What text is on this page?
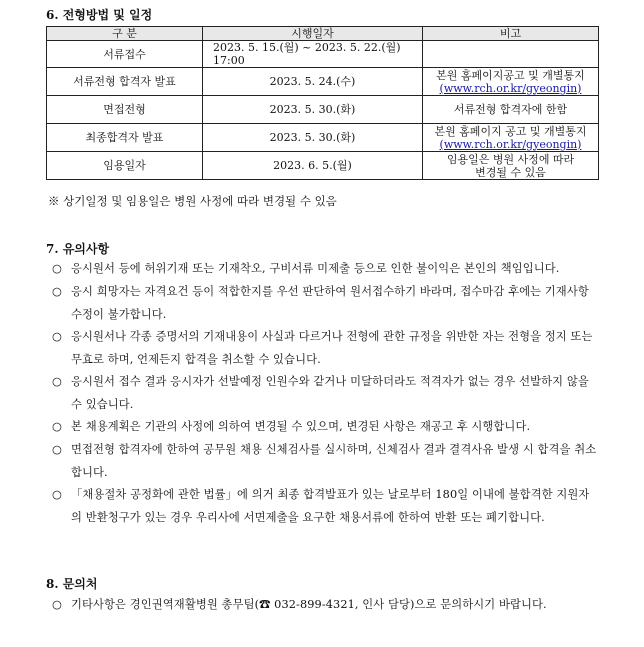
6. 전형방법 및 일정
구 분	시행일자	비고
서류접수	2023. 5. 15.(월) ~ 2023. 5. 22.(월) 17:00	
서류전형 합격자 발표	2023. 5. 24.(수)	본원 홈페이지공고 및 개별통지
(www.rch.or.kr/gyeongin)

면접전형	2023. 5. 30.(화)	서류전형 합격자에 한함

최종합격자 발표	2023. 5. 30.(화)	본원 홈페이지 공고 및 개별통지
(www.rch.or.kr/gyeongin)

임용일자	2023. 6. 5.(월)	임용일은 병원 사정에 따라
변경될 수 있음
※ 상기일정 및 임용일은 병원 사정에 따라 변경될 수 있음
7. 유의사항
○ 응시원서 등에 허위기재 또는 기재착오, 구비서류 미제출 등으로 인한 불이익은 본인의 책임입니다.
○ 응시 희망자는 자격요건 등이 적합한지를 우선 판단하여 원서접수하기 바라며, 접수마감 후에는 기재사항 수정이 불가합니다.
○ 응시원서나 각종 증명서의 기재내용이 사실과 다르거나 전형에 관한 규정을 위반한 자는 전형을 정지 또는 무효로 하며, 언제든지 합격을 취소할 수 있습니다.
○ 응시원서 접수 결과 응시자가 선발예정 인원수와 같거나 미달하더라도 적격자가 없는 경우 선발하지 않을 수 있습니다.
○ 본 채용계획은 기관의 사정에 의하여 변경될 수 있으며, 변경된 사항은 재공고 후 시행합니다.
○ 면접전형 합격자에 한하여 공무원 채용 신체검사를 실시하며, 신체검사 결과 결격사유 발생 시 합격을 취소합니다.
○ 「채용절차 공정화에 관한 법률」에 의거 최종 합격발표가 있는 날로부터 180일 이내에 불합격한 지원자의 반환청구가 있는 경우 우리사에 서면제출을 요구한 채용서류에 한하여 반환 또는 폐기합니다.
8. 문의처
○ 기타사항은 경인권역재활병원 총무팀(☎ 032-899-4321, 인사 담당)으로 문의하시기 바랍니다.
